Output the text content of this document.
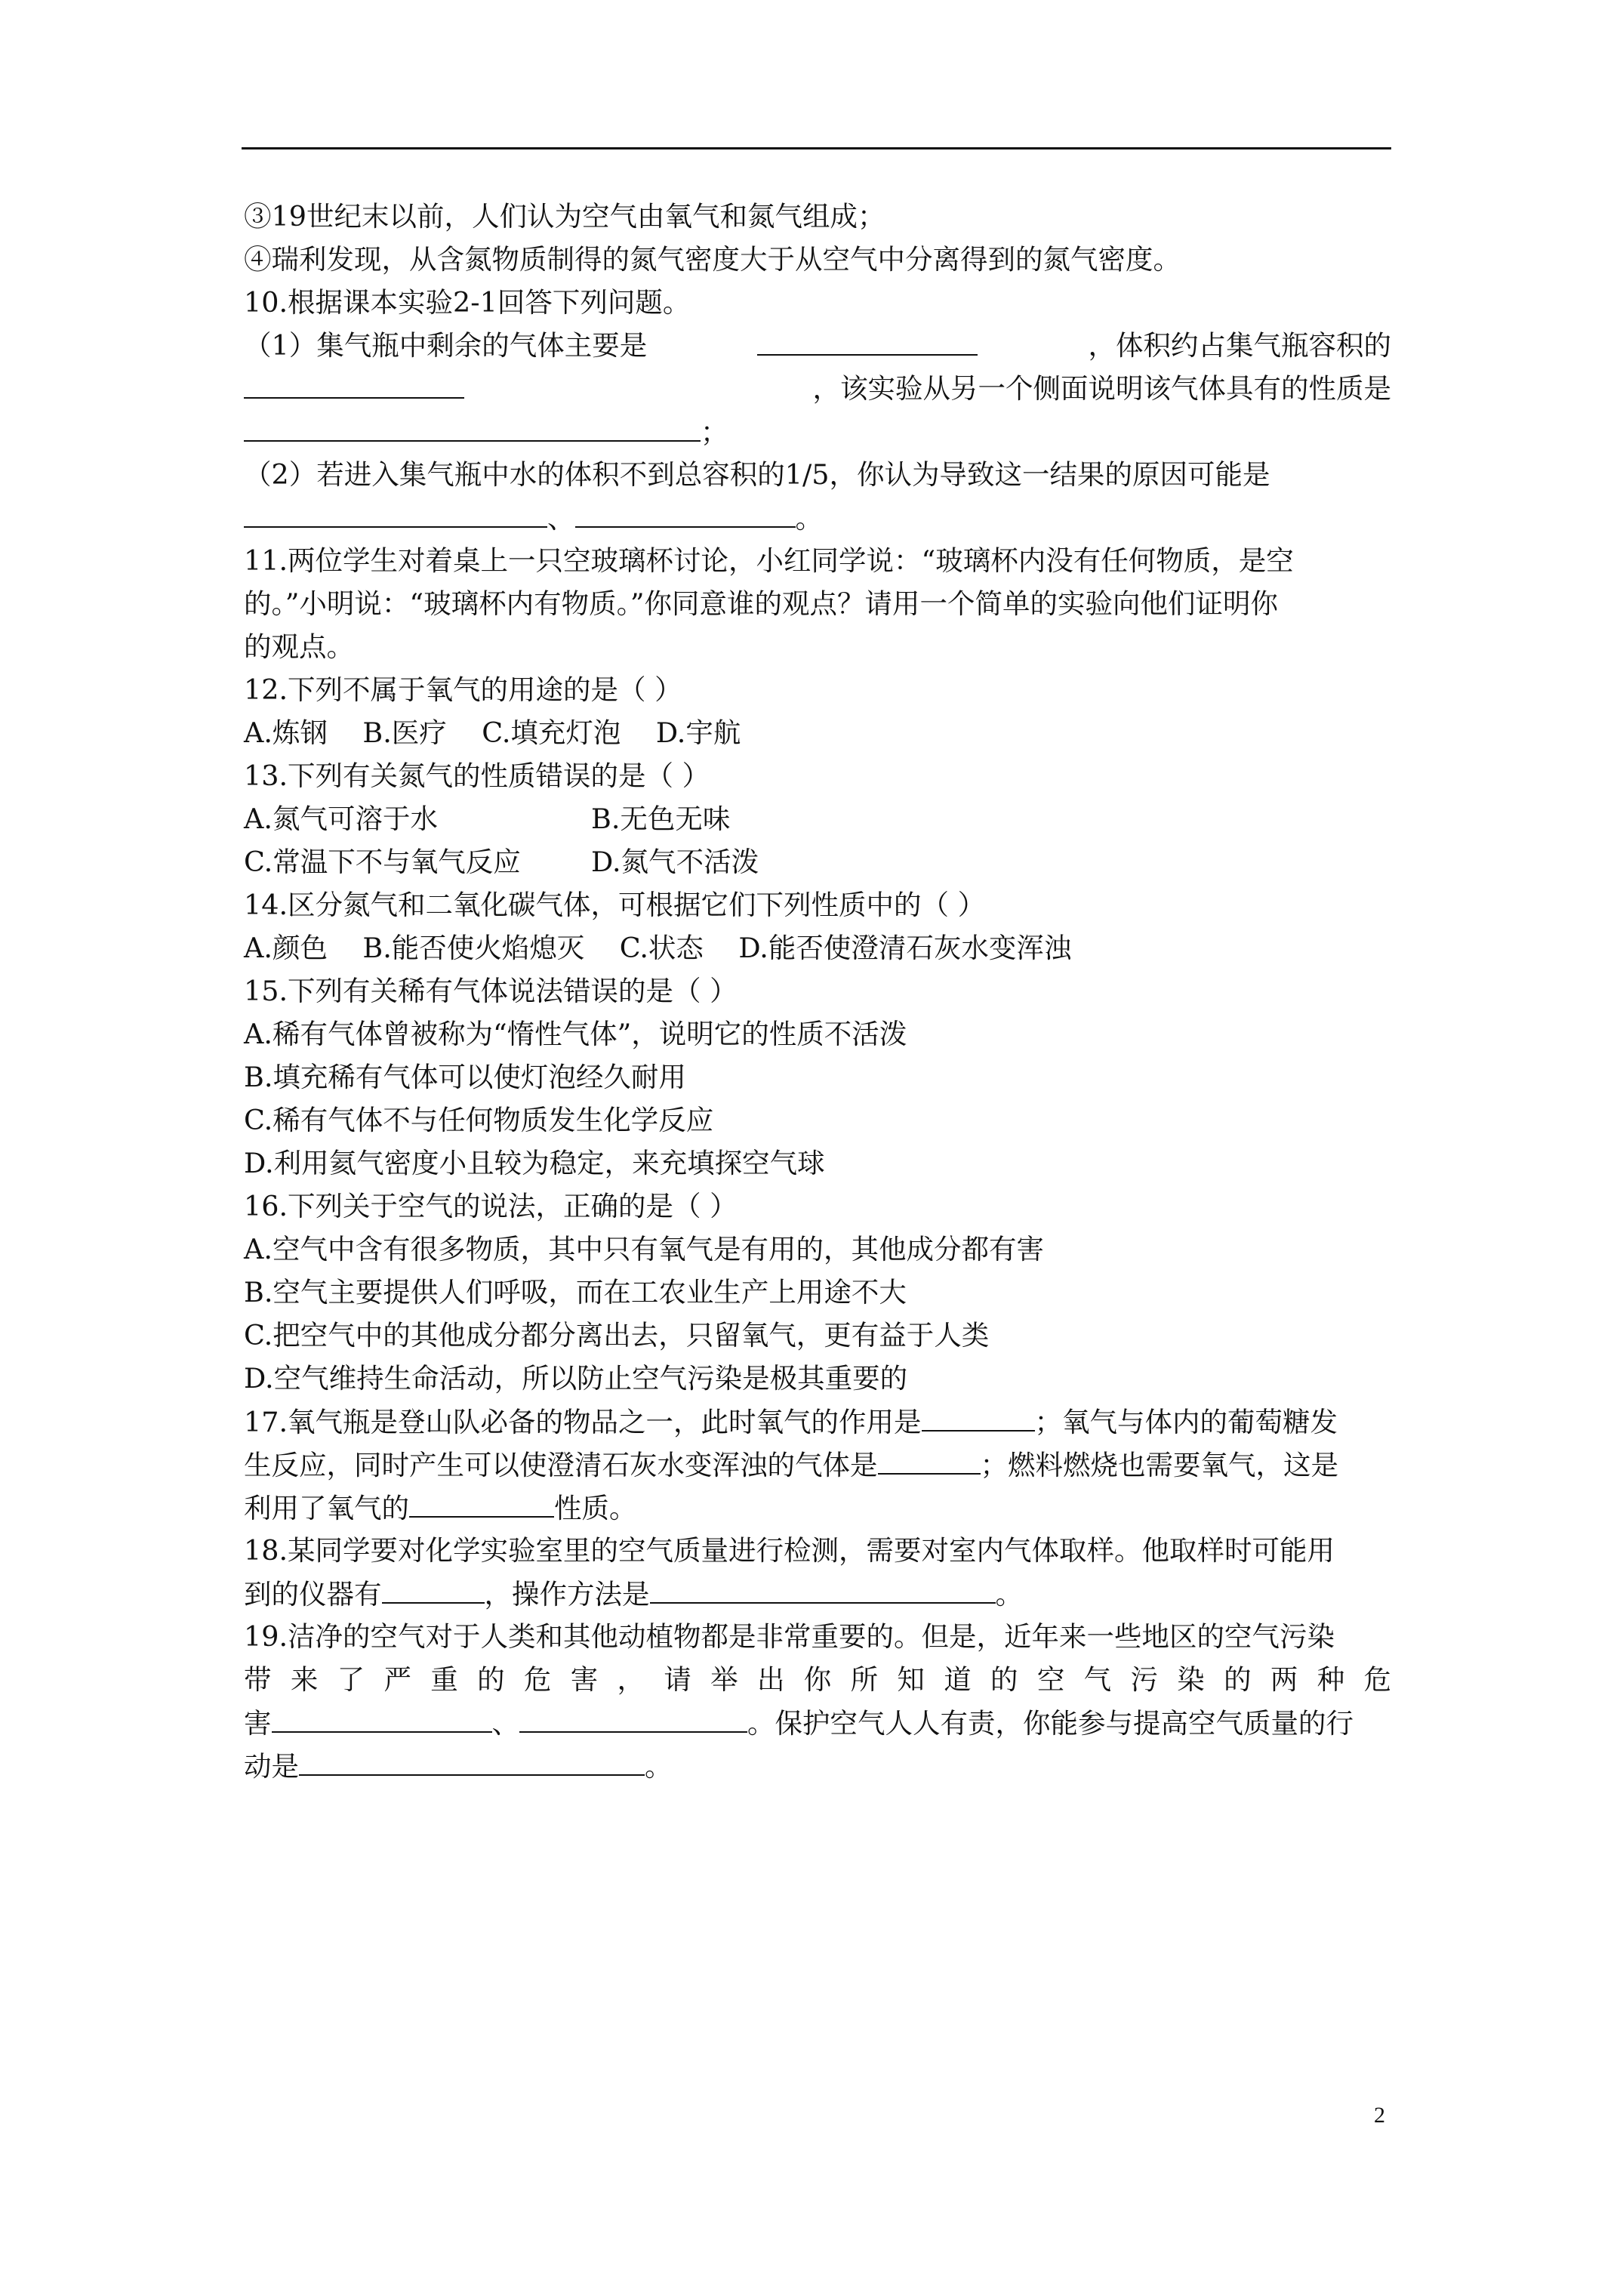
③19世纪末以前，人们认为空气由氧气和氮气组成；
④瑞利发现，从含氮物质制得的氮气密度大于从空气中分离得到的氮气密度。
10.根据课本实验2-1回答下列问题。
（1）集气瓶中剩余的气体主要是	，体积约占集气瓶容积的
，该实验从另一个侧面说明该气体具有的性质是
；
（2）若进入集气瓶中水的体积不到总容积的1/5，你认为导致这一结果的原因可能是
、	。
11.两位学生对着桌上一只空玻璃杯讨论，小红同学说：“玻璃杯内没有任何物质，是空
的。”小明说：“玻璃杯内有物质。”你同意谁的观点？请用一个简单的实验向他们证明你
的观点。
12.下列不属于氧气的用途的是（ ）
A.炼钢    B.医疗    C.填充灯泡    D.宇航
13.下列有关氮气的性质错误的是（ ）
A.氮气可溶于水	B.无色无味
C.常温下不与氧气反应	D.氮气不活泼
14.区分氮气和二氧化碳气体，可根据它们下列性质中的（ ）
A.颜色    B.能否使火焰熄灭    C.状态    D.能否使澄清石灰水变浑浊
15.下列有关稀有气体说法错误的是（ ）
A.稀有气体曾被称为“惰性气体”，说明它的性质不活泼
B.填充稀有气体可以使灯泡经久耐用
C.稀有气体不与任何物质发生化学反应
D.利用氦气密度小且较为稳定，来充填探空气球
16.下列关于空气的说法，正确的是（ ）
A.空气中含有很多物质，其中只有氧气是有用的，其他成分都有害
B.空气主要提供人们呼吸，而在工农业生产上用途不大
C.把空气中的其他成分都分离出去，只留氧气，更有益于人类
D.空气维持生命活动，所以防止空气污染是极其重要的
17.氧气瓶是登山队必备的物品之一，此时氧气的作用是	；氧气与体内的葡萄糖发
生反应，同时产生可以使澄清石灰水变浑浊的气体是	；燃料燃烧也需要氧气，这是
利用了氧气的	性质。
18.某同学要对化学实验室里的空气质量进行检测，需要对室内气体取样。他取样时可能用
到的仪器有	，操作方法是	。
19.洁净的空气对于人类和其他动植物都是非常重要的。但是，近年来一些地区的空气污染
带 来 了 严 重 的 危 害 ， 请 举 出 你 所 知 道 的 空 气 污 染 的 两 种 危
害	、	。保护空气人人有责，你能参与提高空气质量的行
动是	。
2
